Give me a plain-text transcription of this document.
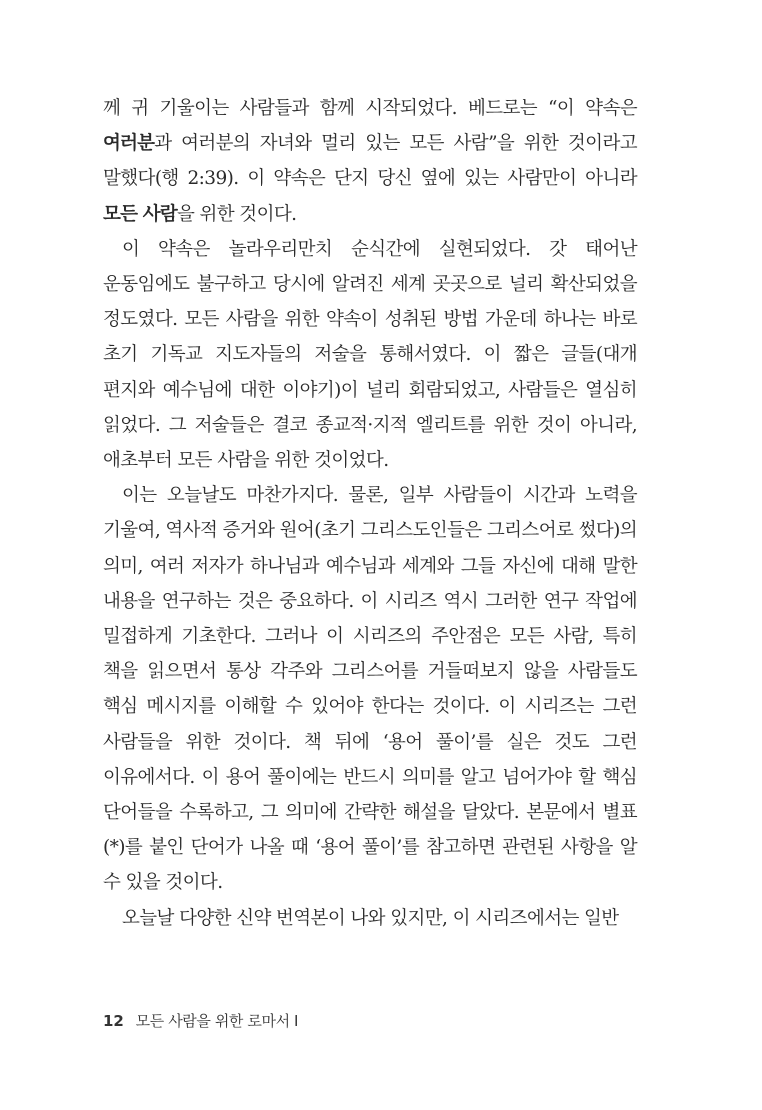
께 귀 기울이는 사람들과 함께 시작되었다. 베드로는 “이 약속은 여러분과 여러분의 자녀와 멀리 있는 모든 사람”을 위한 것이라고 말했다(행 2:39). 이 약속은 단지 당신 옆에 있는 사람만이 아니라 모든 사람을 위한 것이다.

이 약속은 놀라우리만치 순식간에 실현되었다. 갓 태어난 운동임에도 불구하고 당시에 알려진 세계 곳곳으로 널리 확산되었을 정도였다. 모든 사람을 위한 약속이 성취된 방법 가운데 하나는 바로 초기 기독교 지도자들의 저술을 통해서였다. 이 짧은 글들(대개 편지와 예수님에 대한 이야기)이 널리 회람되었고, 사람들은 열심히 읽었다. 그 저술들은 결코 종교적·지적 엘리트를 위한 것이 아니라, 애초부터 모든 사람을 위한 것이었다.

이는 오늘날도 마찬가지다. 물론, 일부 사람들이 시간과 노력을 기울여, 역사적 증거와 원어(초기 그리스도인들은 그리스어로 썼다)의 의미, 여러 저자가 하나님과 예수님과 세계와 그들 자신에 대해 말한 내용을 연구하는 것은 중요하다. 이 시리즈 역시 그러한 연구 작업에 밀접하게 기초한다. 그러나 이 시리즈의 주안점은 모든 사람, 특히 책을 읽으면서 통상 각주와 그리스어를 거들떠보지 않을 사람들도 핵심 메시지를 이해할 수 있어야 한다는 것이다. 이 시리즈는 그런 사람들을 위한 것이다. 책 뒤에 ‘용어 풀이’를 실은 것도 그런 이유에서다. 이 용어 풀이에는 반드시 의미를 알고 넘어가야 할 핵심 단어들을 수록하고, 그 의미에 간략한 해설을 달았다. 본문에서 별표(*)를 붙인 단어가 나올 때 ‘용어 풀이’를 참고하면 관련된 사항을 알 수 있을 것이다.

오늘날 다양한 신약 번역본이 나와 있지만, 이 시리즈에서는 일반

12 모든 사람을 위한 로마서 I
